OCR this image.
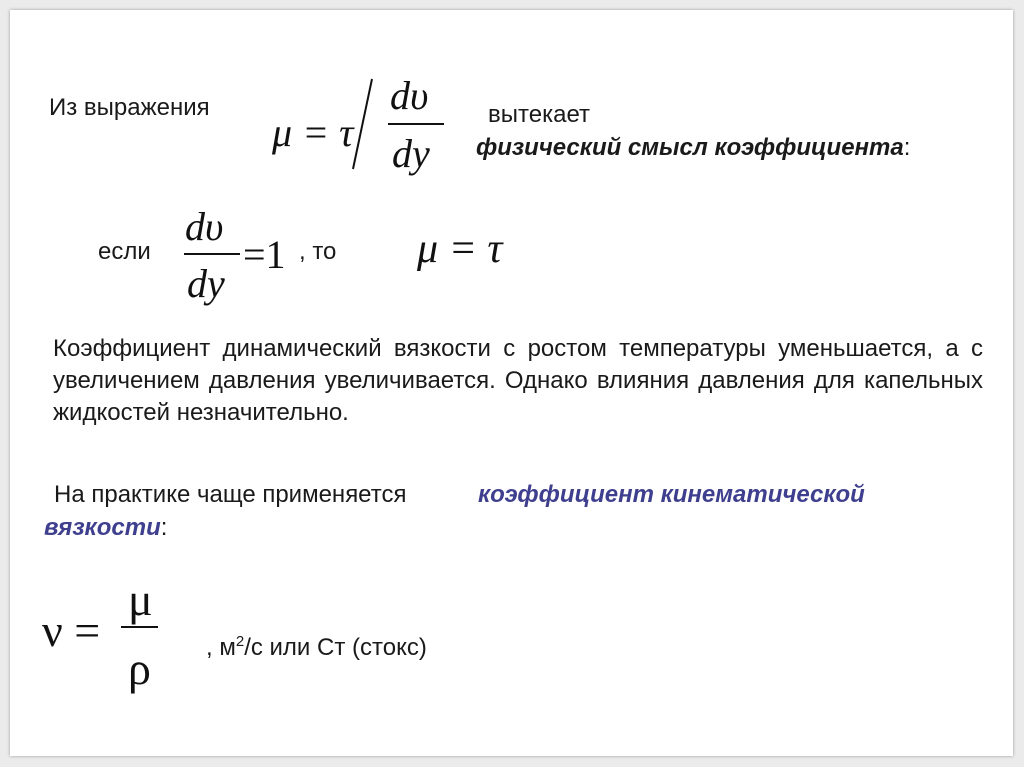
Из выражения
μ = τ
dυ
dy
вытекает
физический смысл коэффициента:
если
dυ
dy
=1 , то μ = τ
Коэффициент динамический вязкости с ростом температуры уменьшается, а с увеличением давления увеличивается. Однако влияния давления для капельных жидкостей незначительно.
На практике чаще применяется	коэффициент кинематической
вязкости:
ν =
μ
ρ , $м^2/с$ или Ст (стокс)
